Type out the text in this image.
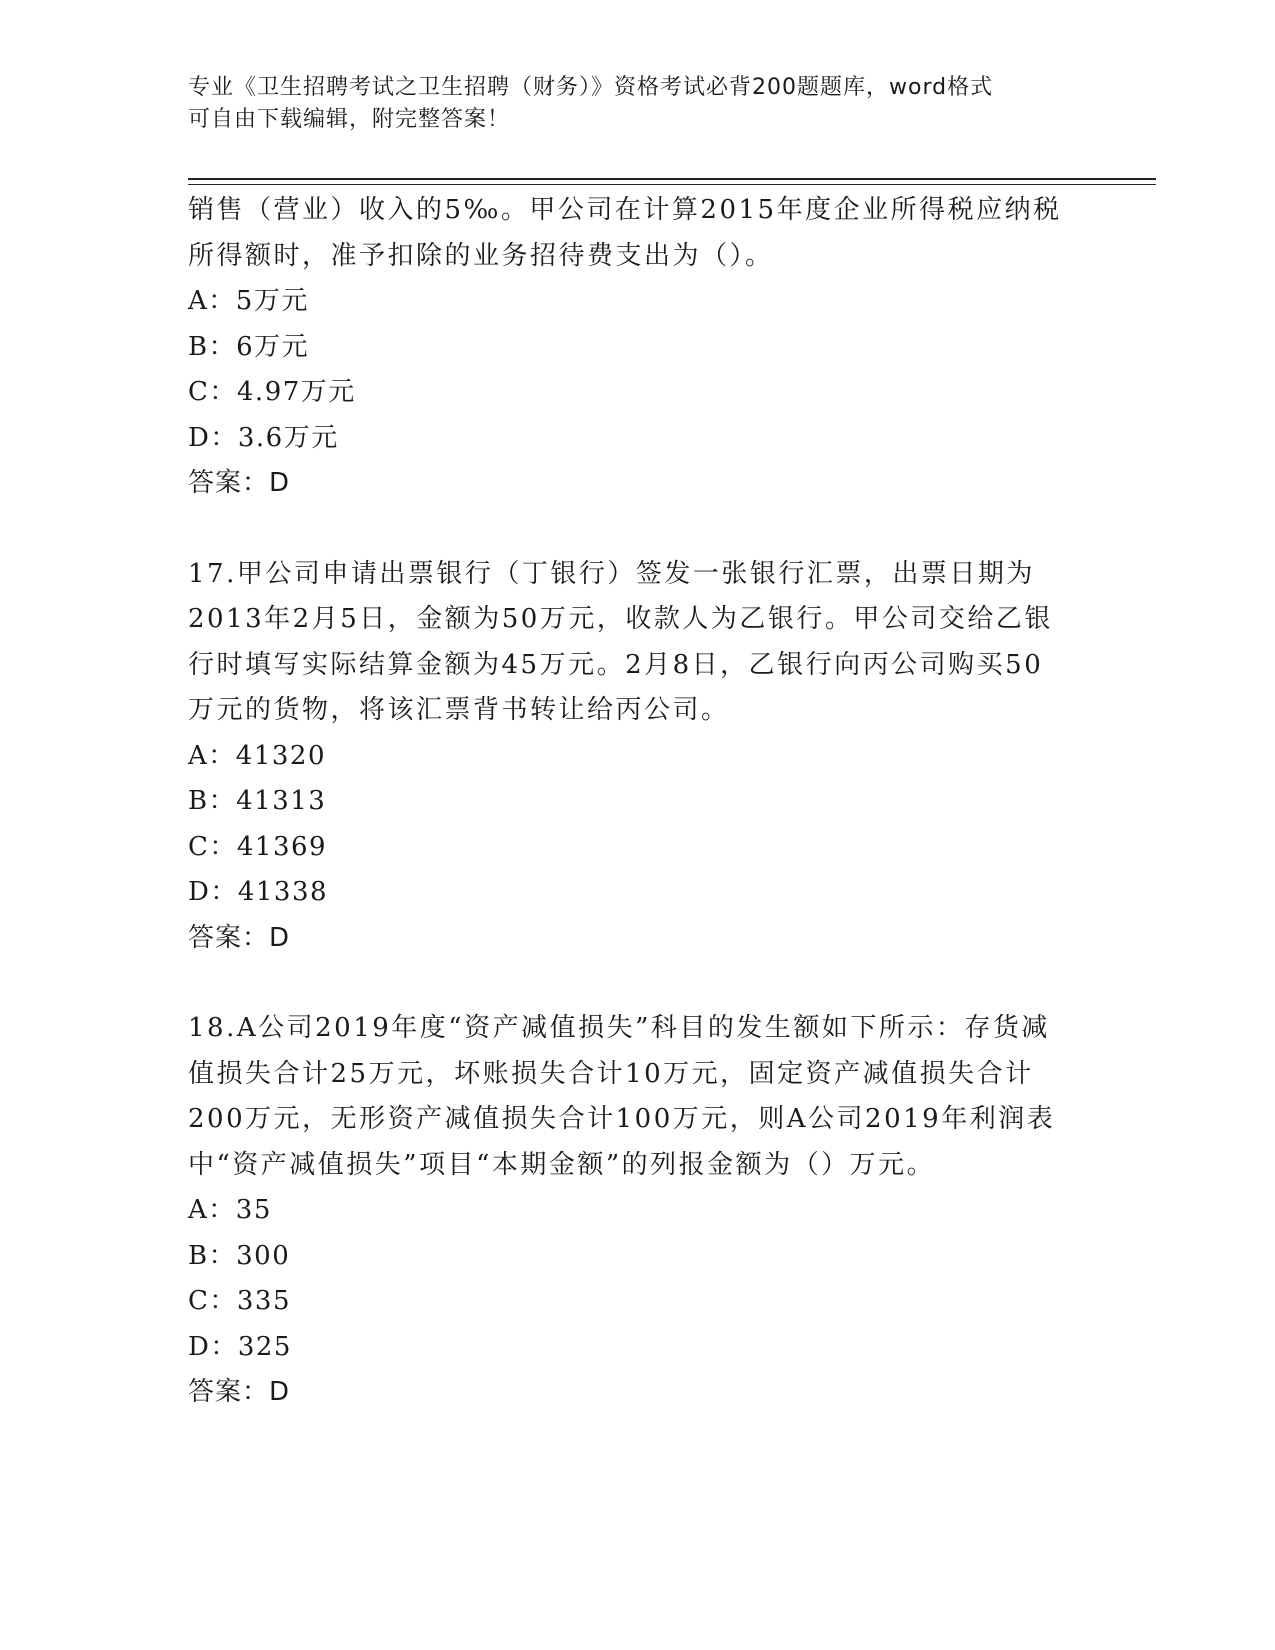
专业《卫生招聘考试之卫生招聘（财务）》资格考试必背200题题库，word格式
可自由下载编辑，附完整答案！

销售（营业）收入的5‰。甲公司在计算2015年度企业所得税应纳税

所得额时，准予扣除的业务招待费支出为（）。

A：5万元

B：6万元

C：4.97万元

D：3.6万元

答案：D

17.甲公司申请出票银行（丁银行）签发一张银行汇票，出票日期为

2013年2月5日，金额为50万元，收款人为乙银行。甲公司交给乙银

行时填写实际结算金额为45万元。2月8日，乙银行向丙公司购买50

万元的货物，将该汇票背书转让给丙公司。

A：41320

B：41313

C：41369

D：41338

答案：D

18.A公司2019年度“资产减值损失”科目的发生额如下所示：存货减

值损失合计25万元，坏账损失合计10万元，固定资产减值损失合计

200万元，无形资产减值损失合计100万元，则A公司2019年利润表

中“资产减值损失”项目“本期金额”的列报金额为（）万元。

A：35

B：300

C：335

D：325

答案：D
